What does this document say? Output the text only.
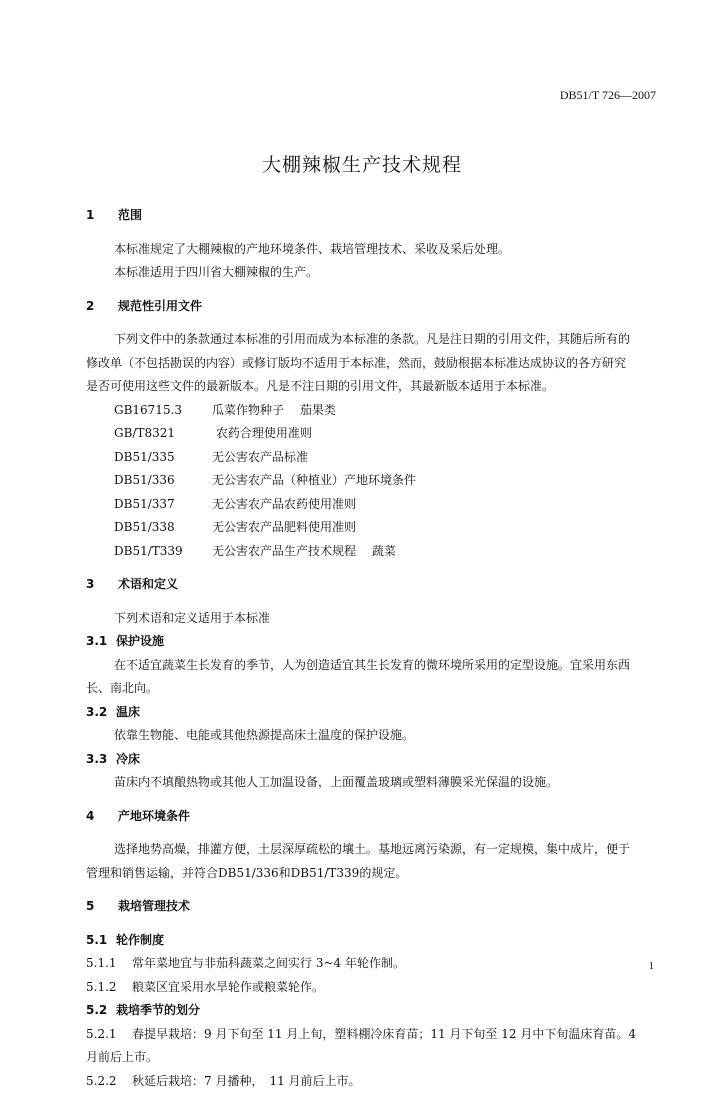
DB51/T 726—2007
大棚辣椒生产技术规程
1 范围
本标准规定了大棚辣椒的产地环境条件、栽培管理技术、采收及采后处理。
本标准适用于四川省大棚辣椒的生产。
2 规范性引用文件
下列文件中的条款通过本标准的引用而成为本标准的条款。凡是注日期的引用文件，其随后所有的
修改单（不包括勘误的内容）或修订版均不适用于本标准，然而，鼓励根据本标准达成协议的各方研究
是否可使用这些文件的最新版本。凡是不注日期的引用文件，其最新版本适用于本标准。
GB16715.3 瓜菜作物种子　 茄果类
GB/T8321	农药合理使用准则
DB51/335	无公害农产品标准
DB51/336	无公害农产品（种植业）产地环境条件
DB51/337	无公害农产品农药使用准则
DB51/338	无公害农产品肥料使用准则
DB51/T339 无公害农产品生产技术规程　 蔬菜
3 术语和定义
下列术语和定义适用于本标准
3.1 保护设施
在不适宜蔬菜生长发育的季节，人为创造适宜其生长发育的微环境所采用的定型设施。宜采用东西
长、南北向。
3.2 温床
依靠生物能、电能或其他热源提高床土温度的保护设施。
3.3 冷床
苗床内不填酿热物或其他人工加温设备，上面覆盖玻璃或塑料薄膜采光保温的设施。
4 产地环境条件
选择地势高燥，排灌方便，土层深厚疏松的壤土。基地远离污染源，有一定规模，集中成片，便于
管理和销售运输，并符合DB51/336和DB51/T339的规定。
5 栽培管理技术
5.1 轮作制度
5.1.1 常年菜地宜与非茄科蔬菜之间实行 3~4 年轮作制。
5.1.2 粮菜区宜采用水旱轮作或粮菜轮作。
5.2 栽培季节的划分
5.2.1 春提早栽培：9 月下旬至 11 月上旬，塑料棚冷床育苗；11 月下旬至 12 月中下旬温床育苗。4
月前后上市。
5.2.2 秋延后栽培：7 月播种，　11 月前后上市。
1
